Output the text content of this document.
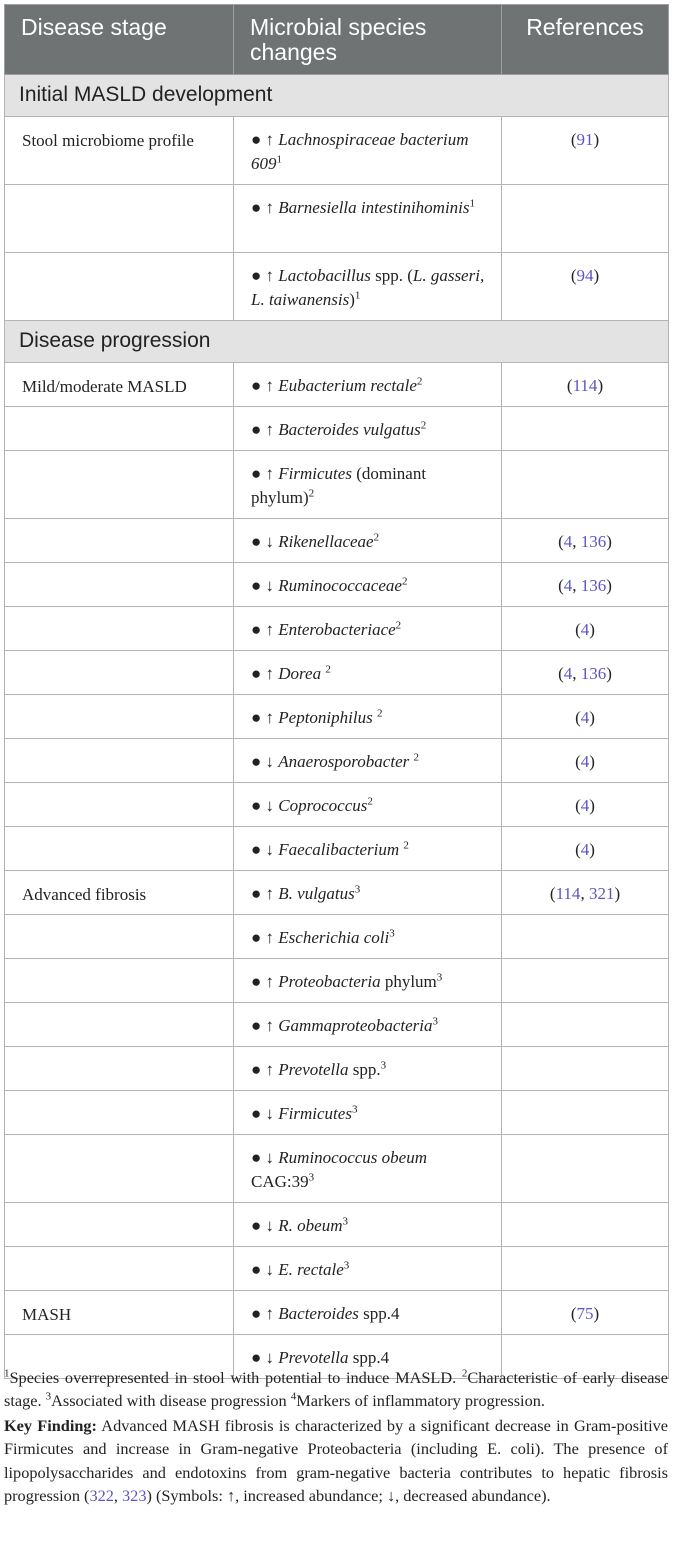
Disease stage	Microbial species changes	References
Initial MASLD development		
Stool microbiome profile	● ↑ Lachnospiraceae bacterium $609^1$	(91)
	● ↑ Barnesiella intestinihominis$^1$	
	● ↑ Lactobacillus spp. (L. gasseri, L. taiwanensis)$^1$	(94)
Disease progression		
Mild/moderate MASLD	● ↑ Eubacterium rectale$^2$	(114)
	● ↑ Bacteroides vulgatus$^2$	
	● ↑ Firmicutes (dominant phylum)$^2$	
	● ↓ Rikenellaceae$^2$	(4, 136)
	● ↓ Ruminococcaceae$^2$	(4, 136)
	● ↑ Enterobacteriace$^2$	(4)
	● ↑ Dorea $^2$	(4, 136)
	● ↑ Peptoniphilus $^2$	(4)
	● ↓ Anaerosporobacter $^2$	(4)
	● ↓ Coprococcus$^2$	(4)
	● ↓ Faecalibacterium $^2$	(4)
Advanced fibrosis	● ↑ B. vulgatus$^3$	(114, 321)
	● ↑ Escherichia coli$^3$	
	● ↑ Proteobacteria phylum$^3$	
	● ↑ Gammaproteobacteria$^3$	
	● ↑ Prevotella spp.$^3$	
	● ↓ Firmicutes$^3$	
	● ↓ Ruminococcus obeum $CAG:39^3$	
	● ↓ R. obeum$^3$	
	● ↓ E. rectale$^3$	
MASH	● ↑ Bacteroides spp.4	(75)
	● ↓ Prevotella spp.4	

$^1$Species overrepresented in stool with potential to induce MASLD. $^2$Characteristic of early disease stage. $^3$Associated with disease progression $^4$Markers of inflammatory progression.

Key Finding: Advanced MASH fibrosis is characterized by a significant decrease in Gram-positive Firmicutes and increase in Gram-negative Proteobacteria (including E. coli). The presence of lipopolysaccharides and endotoxins from gram-negative bacteria contributes to hepatic fibrosis progression (322, 323) (Symbols: ↑, increased abundance; ↓, decreased abundance).
